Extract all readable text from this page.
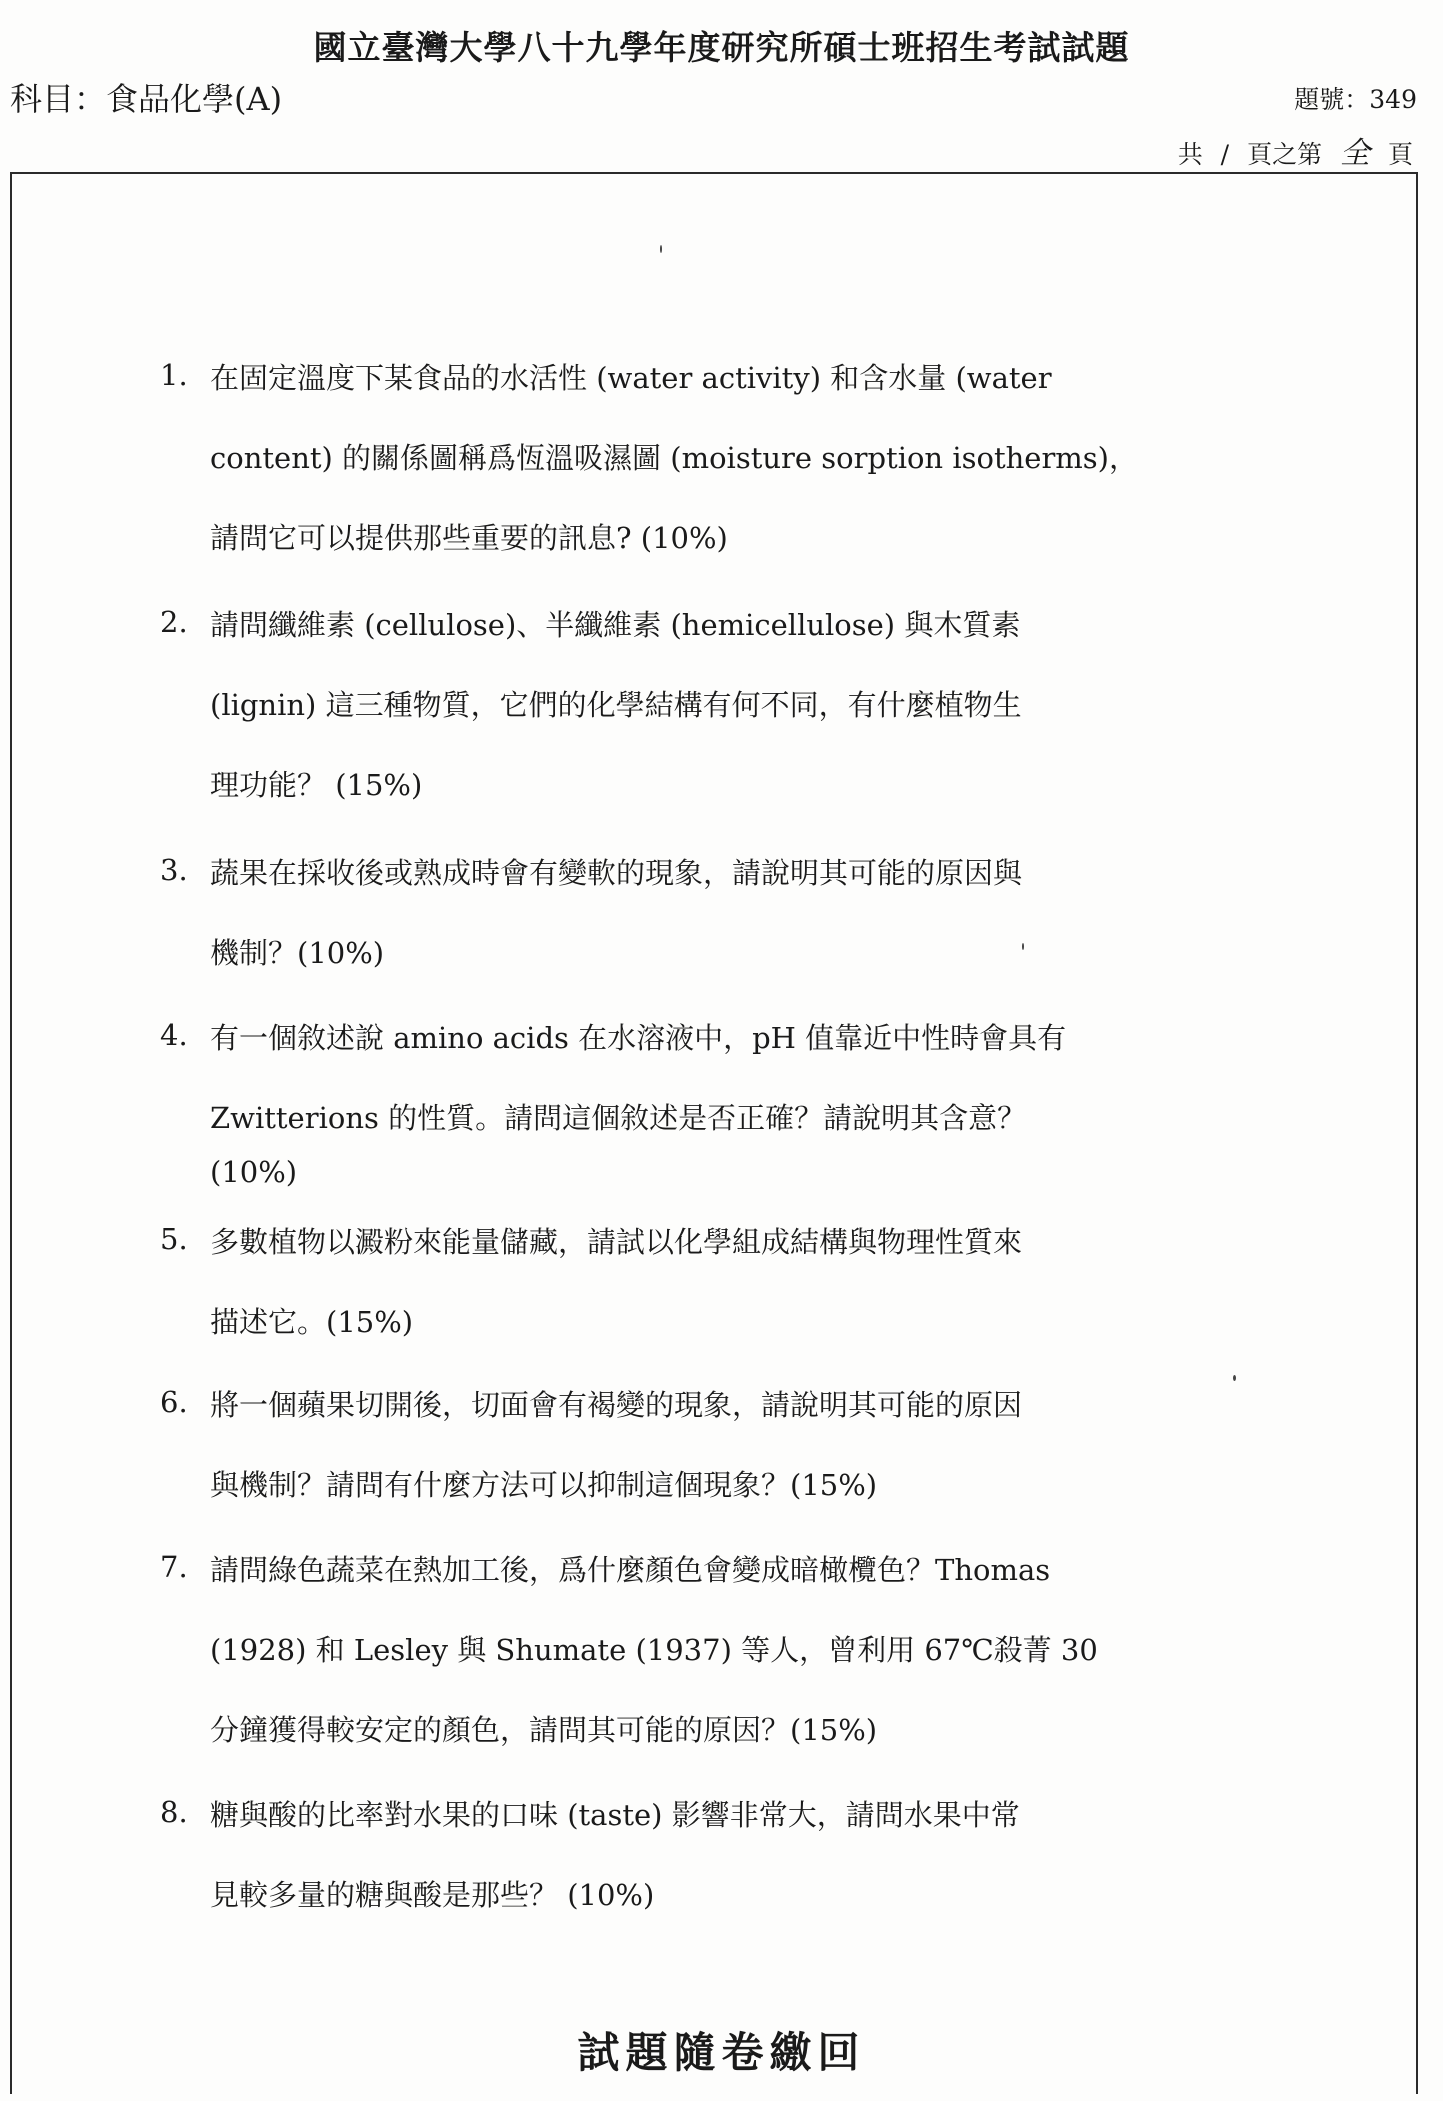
國立臺灣大學八十九學年度研究所碩士班招生考試試題
科目：食品化學(A)	題號：349
共 / 頁之第 全 頁
1. 在固定溫度下某食品的水活性 (water activity) 和含水量 (water
content) 的關係圖稱爲恆溫吸濕圖 (moisture sorption isotherms)，
請問它可以提供那些重要的訊息? (10%)
2. 請問纖維素 (cellulose)、半纖維素 (hemicellulose) 與木質素
(lignin) 這三種物質，它們的化學結構有何不同，有什麼植物生
理功能？ (15%)
3. 蔬果在採收後或熟成時會有變軟的現象，請說明其可能的原因與
機制？(10%)
4. 有一個敘述說 amino acids 在水溶液中，pH 值靠近中性時會具有
Zwitterions 的性質。請問這個敘述是否正確？請說明其含意？
(10%)
5. 多數植物以澱粉來能量儲藏，請試以化學組成結構與物理性質來
描述它。(15%)
6. 將一個蘋果切開後，切面會有褐變的現象，請說明其可能的原因
與機制？請問有什麼方法可以抑制這個現象？(15%)
7. 請問綠色蔬菜在熱加工後，爲什麼顏色會變成暗橄欖色？Thomas
(1928) 和 Lesley 與 Shumate (1937) 等人，曾利用 67℃殺菁 30
分鐘獲得較安定的顏色，請問其可能的原因？(15%)
8. 糖與酸的比率對水果的口味 (taste) 影響非常大，請問水果中常
見較多量的糖與酸是那些？ (10%)
試題隨卷繳回
